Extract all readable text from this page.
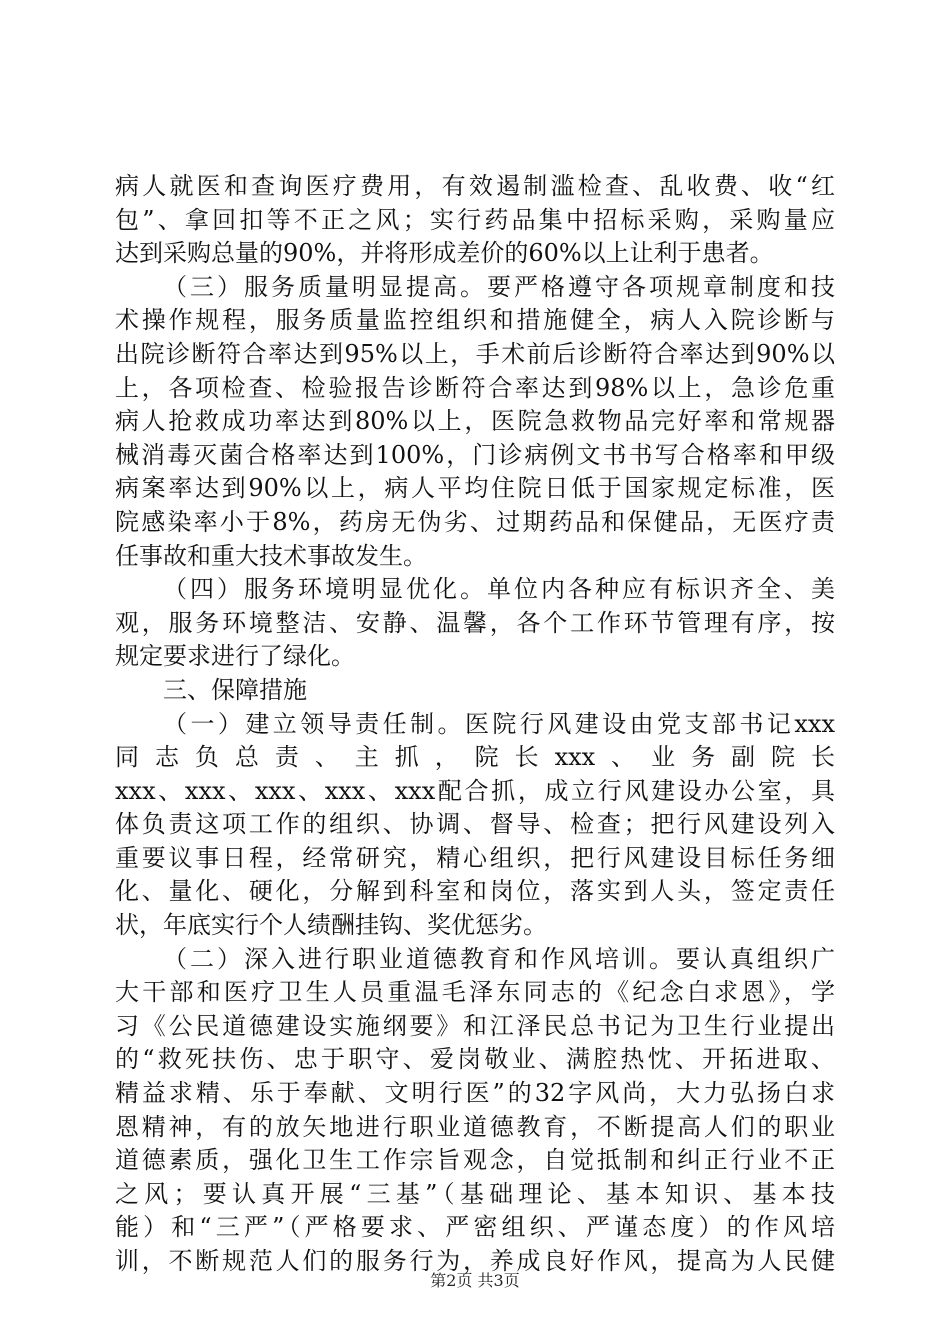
病人就医和查询医疗费用，有效遏制滥检查、乱收费、收“红
包”、拿回扣等不正之风；实行药品集中招标采购，采购量应
达到采购总量的90%，并将形成差价的60%以上让利于患者。
（三）服务质量明显提高。要严格遵守各项规章制度和技
术操作规程，服务质量监控组织和措施健全，病人入院诊断与
出院诊断符合率达到95%以上，手术前后诊断符合率达到90%以
上，各项检查、检验报告诊断符合率达到98%以上，急诊危重
病人抢救成功率达到80%以上，医院急救物品完好率和常规器
械消毒灭菌合格率达到100%，门诊病例文书书写合格率和甲级
病案率达到90%以上，病人平均住院日低于国家规定标准，医
院感染率小于8%，药房无伪劣、过期药品和保健品，无医疗责
任事故和重大技术事故发生。
（四）服务环境明显优化。单位内各种应有标识齐全、美
观，服务环境整洁、安静、温馨，各个工作环节管理有序，按
规定要求进行了绿化。
三、保障措施
（一）建立领导责任制。医院行风建设由党支部书记xxx
同志负总责、主抓，院长xxx、业务副院长
xxx、xxx、xxx、xxx、xxx配合抓，成立行风建设办公室，具
体负责这项工作的组织、协调、督导、检查；把行风建设列入
重要议事日程，经常研究，精心组织，把行风建设目标任务细
化、量化、硬化，分解到科室和岗位，落实到人头，签定责任
状，年底实行个人绩酬挂钩、奖优惩劣。
（二）深入进行职业道德教育和作风培训。要认真组织广
大干部和医疗卫生人员重温毛泽东同志的《纪念白求恩》，学
习《公民道德建设实施纲要》和江泽民总书记为卫生行业提出
的“救死扶伤、忠于职守、爱岗敬业、满腔热忱、开拓进取、
精益求精、乐于奉献、文明行医”的32字风尚，大力弘扬白求
恩精神，有的放矢地进行职业道德教育，不断提高人们的职业
道德素质，强化卫生工作宗旨观念，自觉抵制和纠正行业不正
之风；要认真开展“三基”（基础理论、基本知识、基本技
能）和“三严”（严格要求、严密组织、严谨态度）的作风培
训，不断规范人们的服务行为，养成良好作风，提高为人民健
第2页 共3页
